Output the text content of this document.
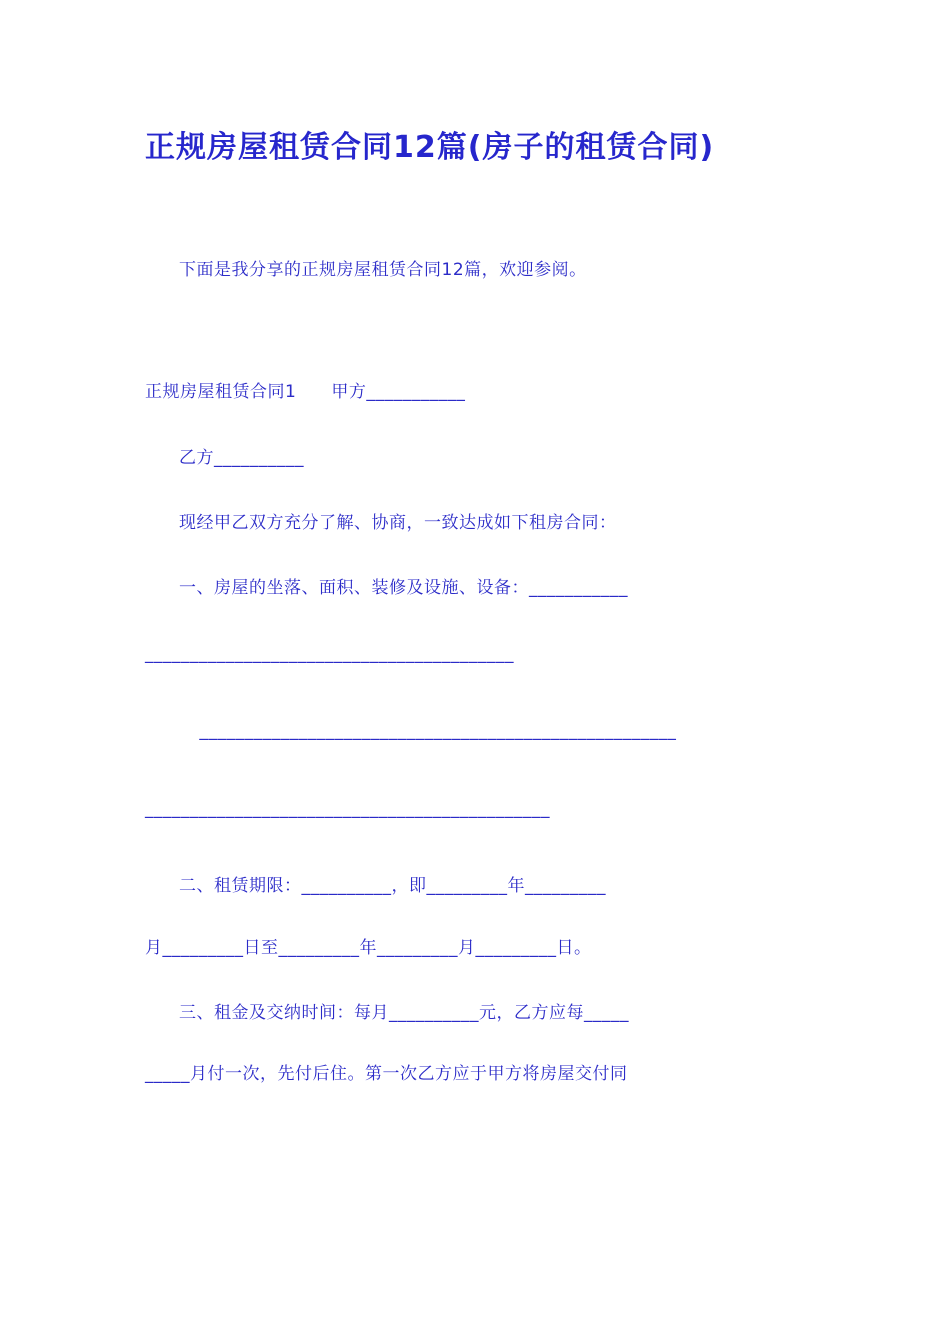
正规房屋租赁合同12篇(房子的租赁合同)
下面是我分享的正规房屋租赁合同12篇，欢迎参阅。

正规房屋租赁合同1　　甲方___________

乙方__________

现经甲乙双方充分了解、协商，一致达成如下租房合同：

一、房屋的坐落、面积、装修及设施、设备：___________

_________________________________________

_____________________________________________________

_____________________________________________

二、租赁期限：__________，即_________年_________

月_________日至_________年_________月_________日。

三、租金及交纳时间：每月__________元，乙方应每_____

_____月付一次，先付后住。第一次乙方应于甲方将房屋交付同
